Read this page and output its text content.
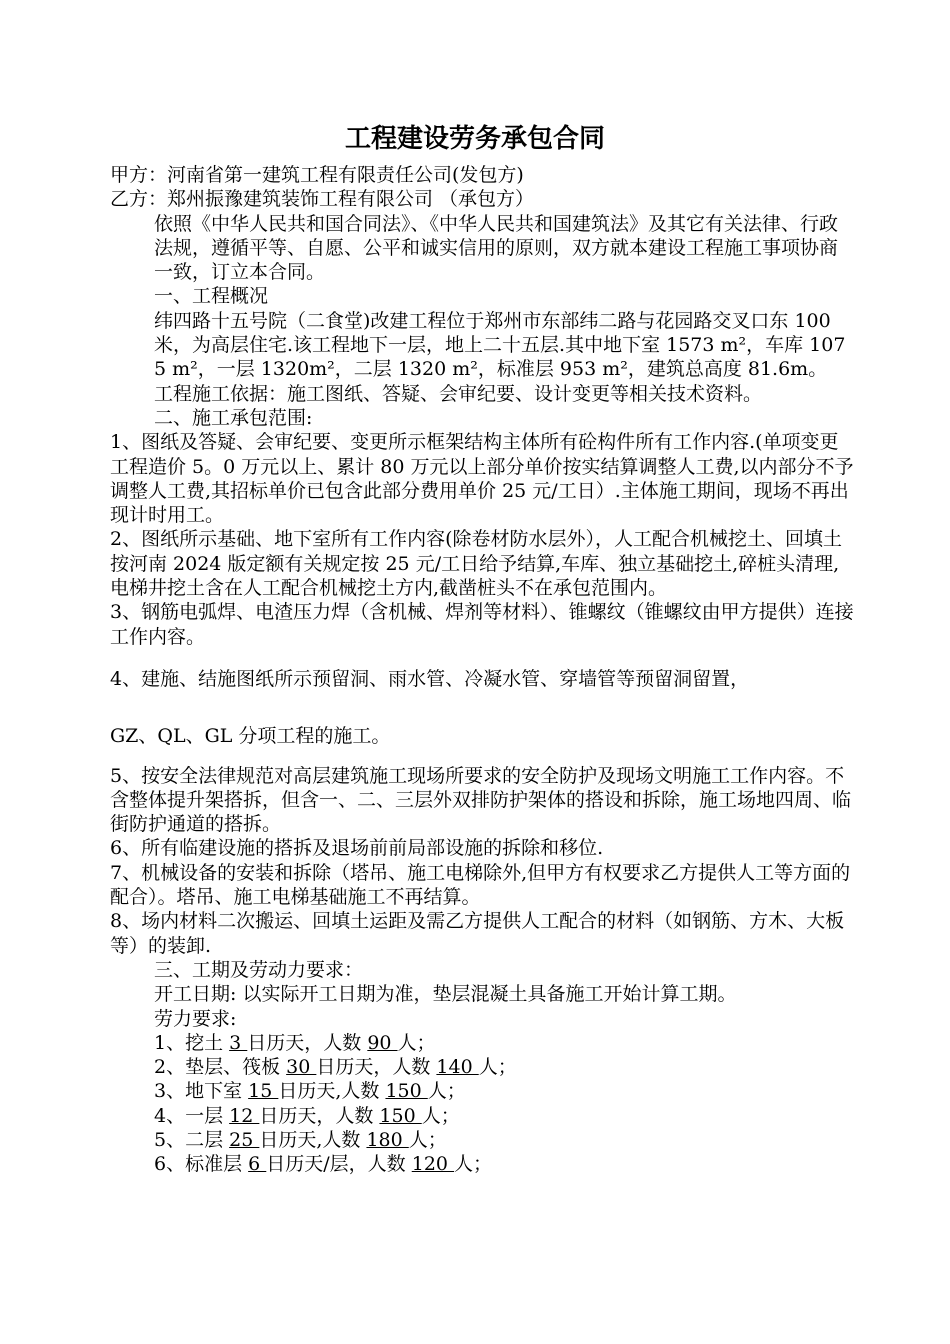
工程建设劳务承包合同

甲方：河南省第一建筑工程有限责任公司(发包方)

乙方：郑州振豫建筑装饰工程有限公司 （承包方）

依照《中华人民共和国合同法》、《中华人民共和国建筑法》及其它有关法律、行政法规，遵循平等、自愿、公平和诚实信用的原则，双方就本建设工程施工事项协商一致，订立本合同。

一、工程概况

纬四路十五号院（二食堂)改建工程位于郑州市东部纬二路与花园路交叉口东 100 米，为高层住宅.该工程地下一层，地上二十五层.其中地下室 1573 m²，车库 1075 m²，一层 1320m²，二层 1320 m²，标准层 953 m²，建筑总高度 81.6m。

工程施工依据：施工图纸、答疑、会审纪要、设计变更等相关技术资料。

二、施工承包范围:

1、图纸及答疑、会审纪要、变更所示框架结构主体所有砼构件所有工作内容.(单项变更工程造价 5。0 万元以上、累计 80 万元以上部分单价按实结算调整人工费,以内部分不予调整人工费,其招标单价已包含此部分费用单价 25 元/工日）.主体施工期间，现场不再出现计时用工。

2、图纸所示基础、地下室所有工作内容(除卷材防水层外），人工配合机械挖土、回填土按河南 2024 版定额有关规定按 25 元/工日给予结算,车库、独立基础挖土,碎桩头清理,电梯井挖土含在人工配合机械挖土方内,截凿桩头不在承包范围内。

3、钢筋电弧焊、电渣压力焊（含机械、焊剂等材料）、锥螺纹（锥螺纹由甲方提供）连接工作内容。

4、建施、结施图纸所示预留洞、雨水管、冷凝水管、穿墙管等预留洞留置，

GZ、QL、GL 分项工程的施工。

5、按安全法律规范对高层建筑施工现场所要求的安全防护及现场文明施工工作内容。不含整体提升架搭拆，但含一、二、三层外双排防护架体的搭设和拆除，施工场地四周、临街防护通道的搭拆。

6、所有临建设施的搭拆及退场前前局部设施的拆除和移位.

7、机械设备的安装和拆除（塔吊、施工电梯除外,但甲方有权要求乙方提供人工等方面的配合）。塔吊、施工电梯基础施工不再结算。

8、场内材料二次搬运、回填土运距及需乙方提供人工配合的材料（如钢筋、方木、大板等）的装卸.

三、工期及劳动力要求：

开工日期: 以实际开工日期为准，垫层混凝土具备施工开始计算工期。

劳力要求:

1、挖土 3 日历天，人数 90 人；

2、垫层、筏板 30 日历天，人数 140 人；

3、地下室 15 日历天,人数 150 人；

4、一层 12 日历天，人数 150 人；

5、二层 25 日历天,人数 180 人；

6、标准层 6 日历天/层，人数 120 人；
